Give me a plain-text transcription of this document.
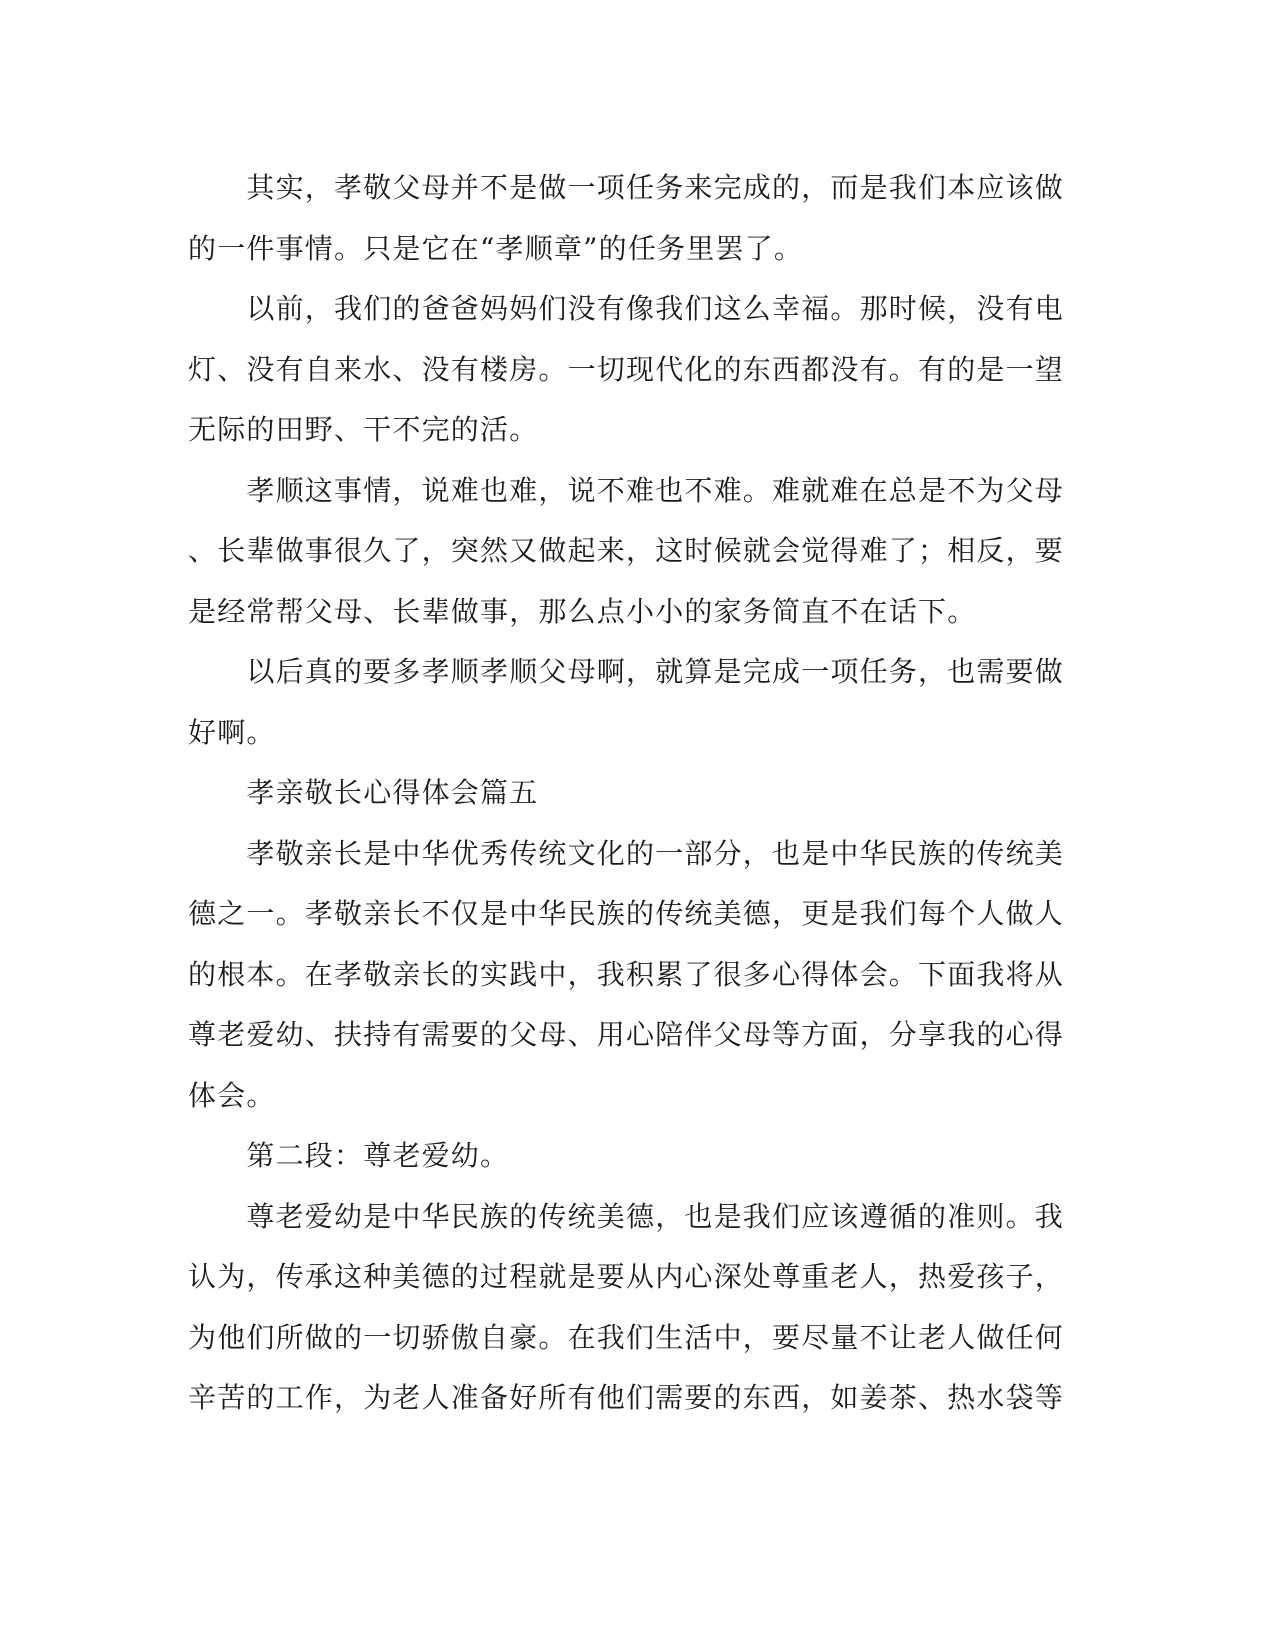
　　其实，孝敬父母并不是做一项任务来完成的，而是我们本应该做
的一件事情。只是它在“孝顺章”的任务里罢了。

　　以前，我们的爸爸妈妈们没有像我们这么幸福。那时候，没有电
灯、没有自来水、没有楼房。一切现代化的东西都没有。有的是一望
无际的田野、干不完的活。

　　孝顺这事情，说难也难，说不难也不难。难就难在总是不为父母
、长辈做事很久了，突然又做起来，这时候就会觉得难了；相反，要
是经常帮父母、长辈做事，那么点小小的家务简直不在话下。

　　以后真的要多孝顺孝顺父母啊，就算是完成一项任务，也需要做
好啊。

　　孝亲敬长心得体会篇五

　　孝敬亲长是中华优秀传统文化的一部分，也是中华民族的传统美
德之一。孝敬亲长不仅是中华民族的传统美德，更是我们每个人做人
的根本。在孝敬亲长的实践中，我积累了很多心得体会。下面我将从
尊老爱幼、扶持有需要的父母、用心陪伴父母等方面，分享我的心得
体会。

　　第二段：尊老爱幼。

　　尊老爱幼是中华民族的传统美德，也是我们应该遵循的准则。我
认为，传承这种美德的过程就是要从内心深处尊重老人，热爱孩子，
为他们所做的一切骄傲自豪。在我们生活中，要尽量不让老人做任何
辛苦的工作，为老人准备好所有他们需要的东西，如姜茶、热水袋等
